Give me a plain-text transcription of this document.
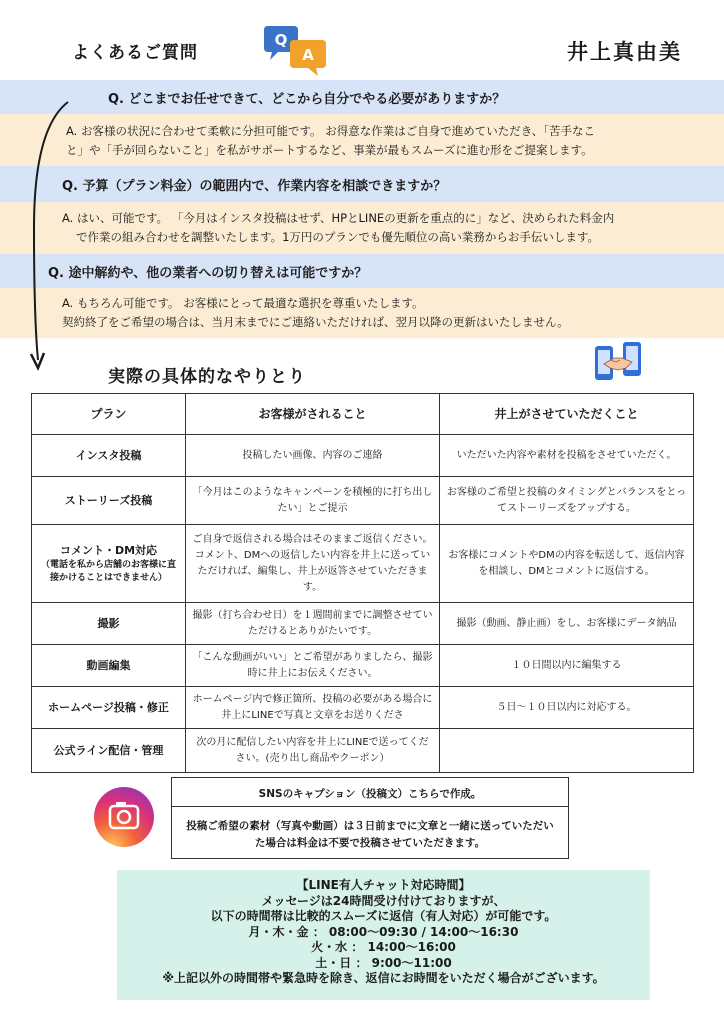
よくあるご質問
Q
A	井上真由美
Q. どこまでお任せできて、どこから自分でやる必要がありますか？

A. お客様の状況に合わせて柔軟に分担可能です。 お得意な作業はご自身で進めていただき、「苦手なこ

と」や「手が回らないこと」を私がサポートするなど、事業が最もスムーズに進む形をご提案します。

Q. 予算（プラン料金）の範囲内で、作業内容を相談できますか？

A. はい、可能です。 「今月はインスタ投稿はせず、HPとLINEの更新を重点的に」など、決められた料金内

で作業の組み合わせを調整いたします。1万円のプランでも優先順位の高い業務からお手伝いします。

Q. 途中解約や、他の業者への切り替えは可能ですか？

A. もちろん可能です。 お客様にとって最適な選択を尊重いたします。

契約終了をご希望の場合は、当月末までにご連絡いただければ、翌月以降の更新はいたしません。

実際の具体的なやりとり
プラン	お客様がされること	井上がさせていただくこと
インスタ投稿	投稿したい画像、内容のご連絡	いただいた内容や素材を投稿をさせていただく。
ストーリーズ投稿	「今月はこのようなキャンペーンを積極的に打ち出したい」とご提示	お客様のご希望と投稿のタイミングとバランスをとってストーリーズをアップする。
コメント・DM対応
（電話を私から店舗のお客様に直接かけることはできません）	ご自身で返信される場合はそのままご返信ください。コメント、DMへの返信したい内容を井上に送っていただければ、編集し、井上が返答させていただきます。	お客様にコメントやDMの内容を転送して、返信内容を相談し、DMとコメントに返信する。
撮影	撮影（打ち合わせ日）を１週間前までに調整させていただけるとありがたいです。	撮影（動画、静止画）をし、お客様にデータ納品
動画編集	「こんな動画がいい」とご希望がありましたら、撮影時に井上にお伝えください。	１０日間以内に編集する
ホームページ投稿・修正	ホームページ内で修正箇所、投稿の必要がある場合に井上にLINEで写真と文章をお送りくださ	５日〜１０日以内に対応する。
公式ライン配信・管理	次の月に配信したい内容を井上にLINEで送ってください。(売り出し商品やクーポン）	
SNSのキャプション（投稿文）こちらで作成。
投稿ご希望の素材（写真や動画）は３日前までに文章と一緒に送っていただいた場合は料金は不要で投稿させていただきます。
【LINE有人チャット対応時間】
メッセージは24時間受け付けておりますが、
以下の時間帯は比較的スムーズに返信（有人対応）が可能です。
月・木・金 ： 08:00〜09:30 / 14:00〜16:30
火・水 ： 14:00〜16:00
土・日 ： 9:00〜11:00
※上記以外の時間帯や緊急時を除き、返信にお時間をいただく場合がございます。
